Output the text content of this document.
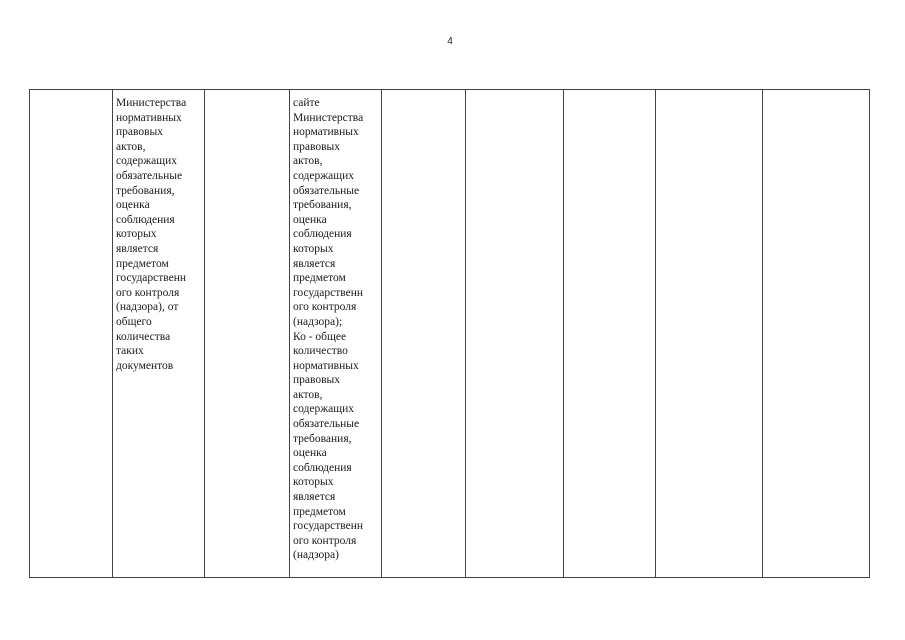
4
	Министерства
нормативных
правовых
актов,
содержащих
обязательные
требования,
оценка
соблюдения
которых
является
предметом
государственн
ого контроля
(надзора), от
общего
количества
таких
документов		сайте
Министерства
нормативных
правовых
актов,
содержащих
обязательные
требования,
оценка
соблюдения
которых
является
предметом
государственн
ого контроля
(надзора);
Ко - общее
количество
нормативных
правовых
актов,
содержащих
обязательные
требования,
оценка
соблюдения
которых
является
предметом
государственн
ого контроля
(надзора)					
